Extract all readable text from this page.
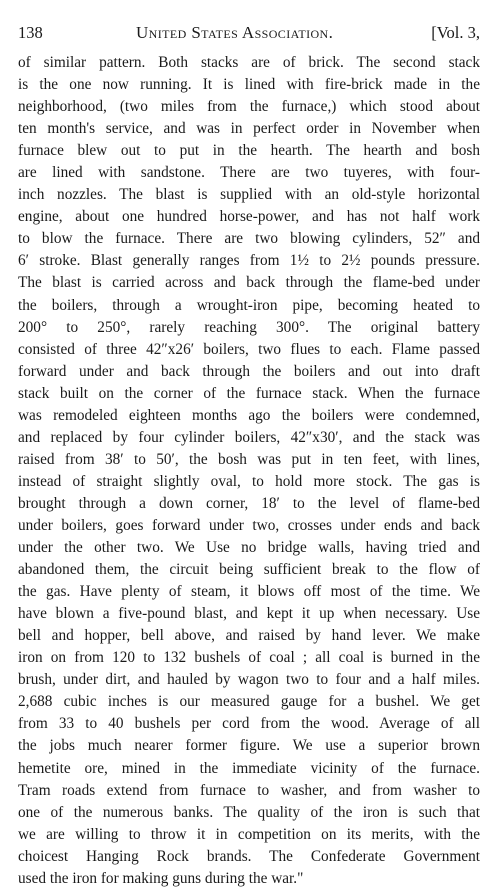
138	United States Association.	[Vol. 3,
of similar pattern. Both stacks are of brick. The second stack
is the one now running. It is lined with fire-brick made in the
neighborhood, (two miles from the furnace,) which stood about
ten month's service, and was in perfect order in November when
furnace blew out to put in the hearth. The hearth and bosh
are lined with sandstone. There are two tuyeres, with four-
inch nozzles. The blast is supplied with an old-style horizontal
engine, about one hundred horse-power, and has not half work
to blow the furnace. There are two blowing cylinders, 52″ and
6′ stroke. Blast generally ranges from 1½ to 2½ pounds pressure.
The blast is carried across and back through the flame-bed under
the boilers, through a wrought-iron pipe, becoming heated to
200° to 250°, rarely reaching 300°. The original battery
consisted of three 42″x26′ boilers, two flues to each. Flame passed
forward under and back through the boilers and out into draft
stack built on the corner of the furnace stack. When the furnace
was remodeled eighteen months ago the boilers were condemned,
and replaced by four cylinder boilers, 42″x30′, and the stack was
raised from 38′ to 50′, the bosh was put in ten feet, with lines,
instead of straight slightly oval, to hold more stock. The gas is
brought through a down corner, 18′ to the level of flame-bed
under boilers, goes forward under two, crosses under ends and back
under the other two. We Use no bridge walls, having tried and
abandoned them, the circuit being sufficient break to the flow of
the gas. Have plenty of steam, it blows off most of the time. We
have blown a five-pound blast, and kept it up when necessary. Use
bell and hopper, bell above, and raised by hand lever. We make
iron on from 120 to 132 bushels of coal ; all coal is burned in the
brush, under dirt, and hauled by wagon two to four and a half miles.
2,688 cubic inches is our measured gauge for a bushel. We get
from 33 to 40 bushels per cord from the wood. Average of all
the jobs much nearer former figure. We use a superior brown
hemetite ore, mined in the immediate vicinity of the furnace.
Tram roads extend from furnace to washer, and from washer to
one of the numerous banks. The quality of the iron is such that
we are willing to throw it in competition on its merits, with the
choicest Hanging Rock brands. The Confederate Government
used the iron for making guns during the war."
